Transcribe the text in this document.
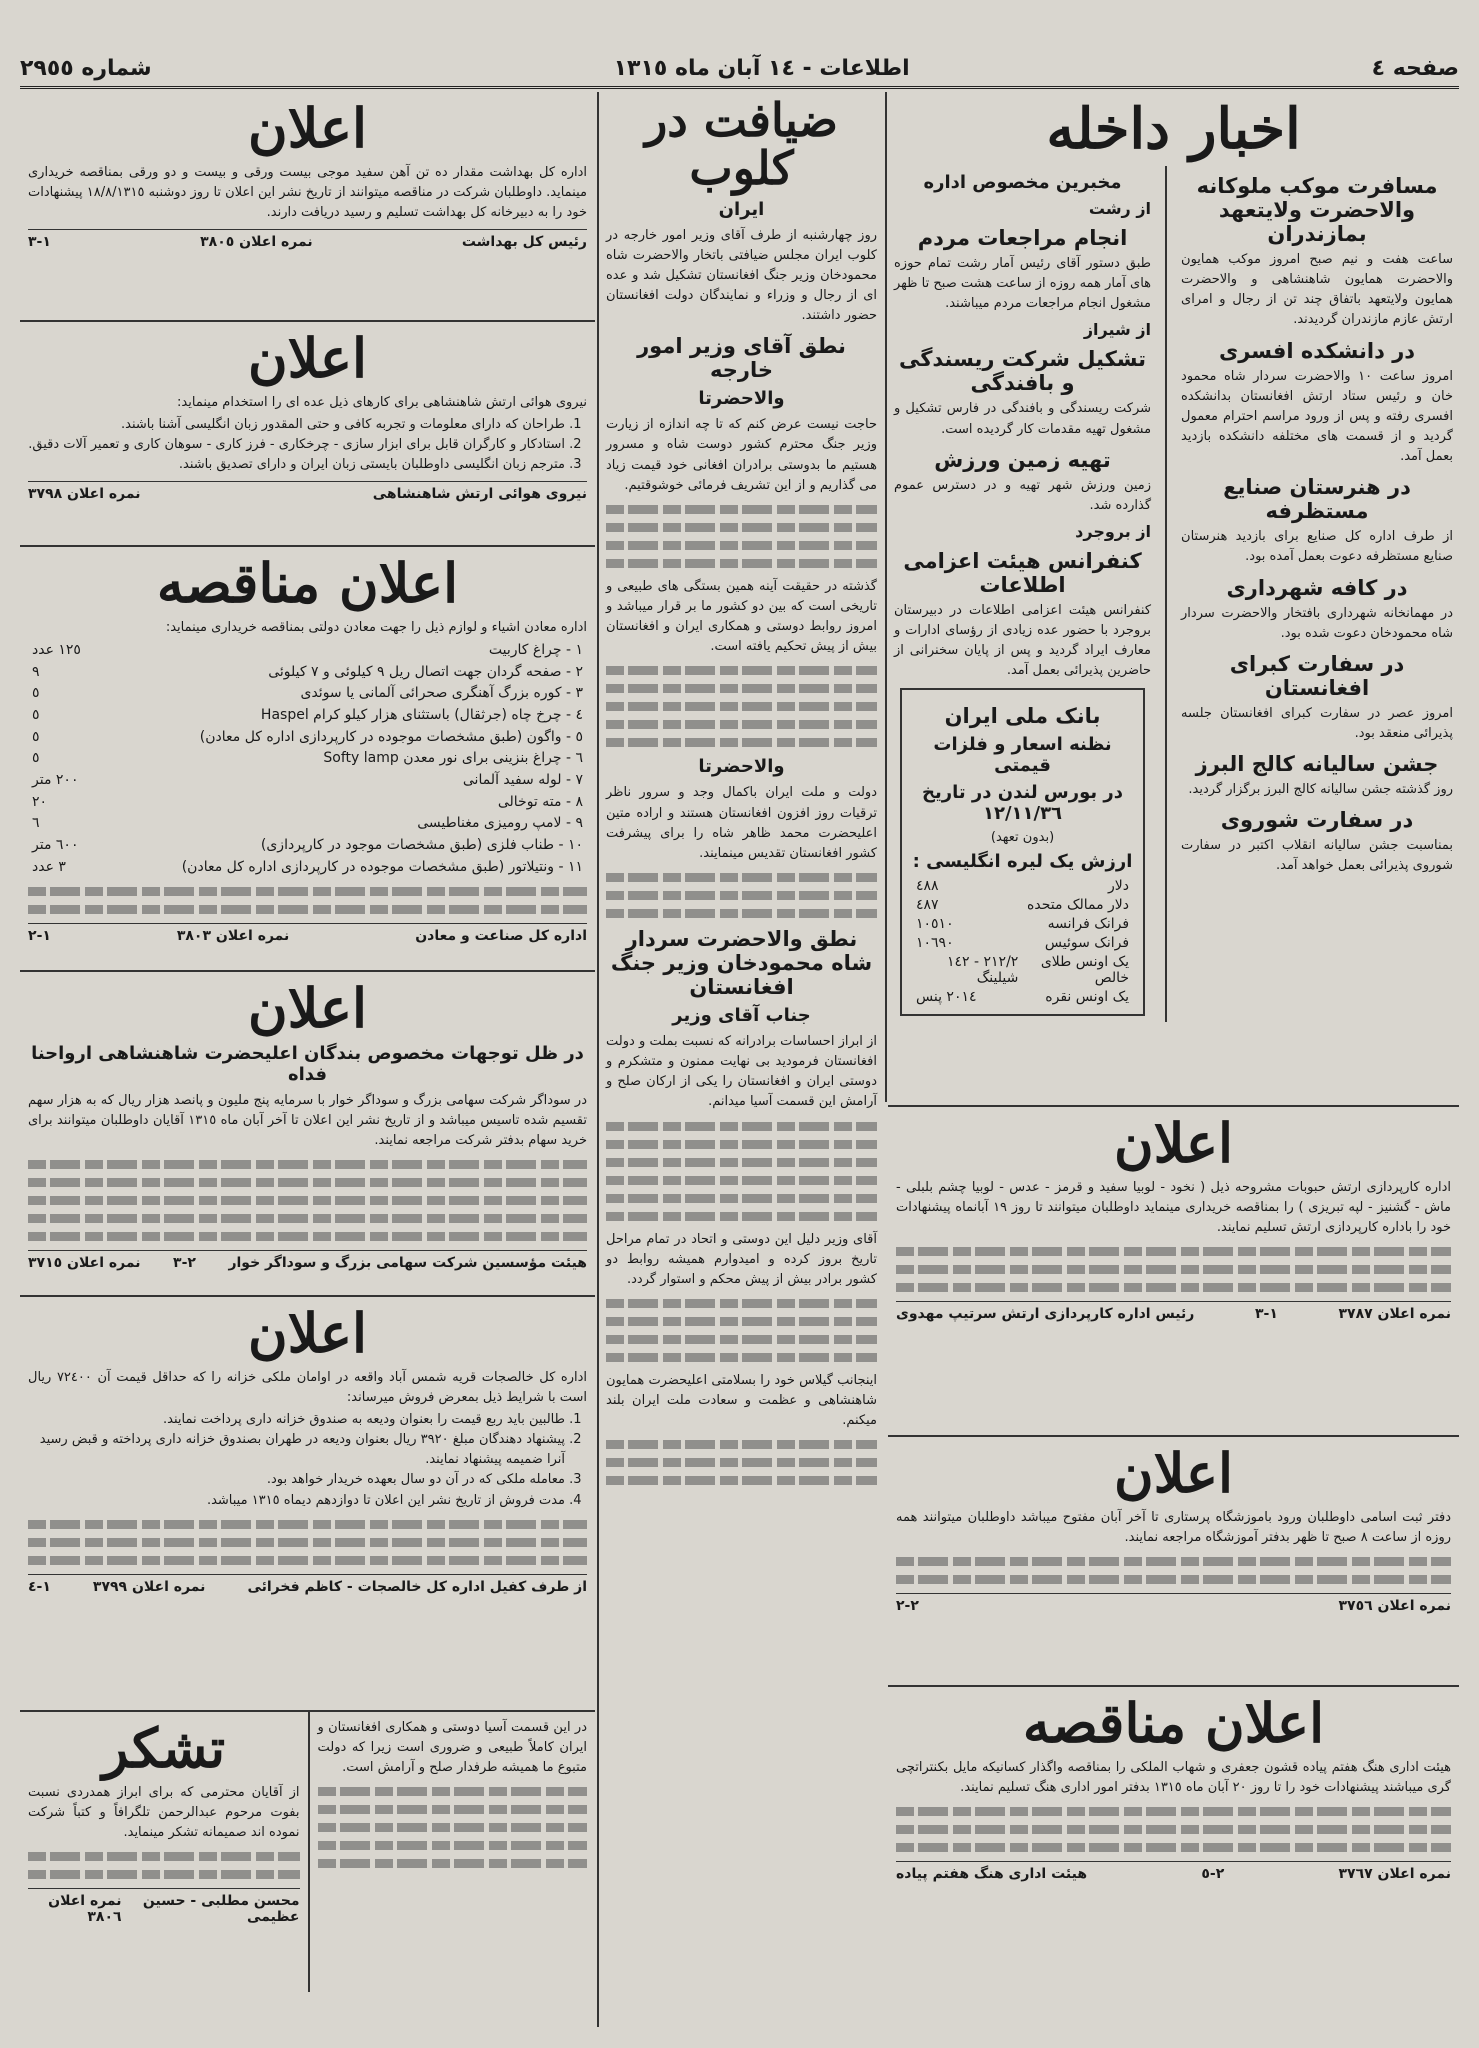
صفحه ٤
اطلاعات - ١٤ آبان ماه ١٣١٥
شماره ٢٩٥٥
اخبار داخله
مسافرت موکب ملوکانه والاحضرت ولایتعهد بمازندران

ساعت هفت و نیم صبح امروز موکب همایون والاحضرت همایون شاهنشاهی و والاحضرت همایون ولایتعهد باتفاق چند تن از رجال و امرای ارتش عازم مازندران گردیدند.

در دانشکده افسری

امروز ساعت ١٠ والاحضرت سردار شاه محمود خان و رئیس ستاد ارتش افغانستان بدانشکده افسری رفته و پس از ورود مراسم احترام معمول گردید و از قسمت های مختلفه دانشکده بازدید بعمل آمد.

در هنرستان صنایع مستظرفه

از طرف اداره کل صنایع برای بازدید هنرستان صنایع مستظرفه دعوت بعمل آمده بود.

در کافه شهرداری

در مهمانخانه شهرداری بافتخار والاحضرت سردار شاه محمودخان دعوت شده بود.

در سفارت کبرای افغانستان

امروز عصر در سفارت کبرای افغانستان جلسه پذیرائی منعقد بود.

جشن سالیانه کالج البرز

روز گذشته جشن سالیانه کالج البرز برگزار گردید.

در سفارت شوروی

بمناسبت جشن سالیانه انقلاب اکتبر در سفارت شوروی پذیرائی بعمل خواهد آمد.

مخبرین مخصوص اداره
از رشت
انجام مراجعات مردم

طبق دستور آقای رئیس آمار رشت تمام حوزه های آمار همه روزه از ساعت هشت صبح تا ظهر مشغول انجام مراجعات مردم میباشند.

از شیراز
تشکیل شرکت ریسندگی و بافندگی

شرکت ریسندگی و بافندگی در فارس تشکیل و مشغول تهیه مقدمات کار گردیده است.

تهیه زمین ورزش

زمین ورزش شهر تهیه و در دسترس عموم گذارده شد.

از بروجرد
کنفرانس هیئت اعزامی اطلاعات

کنفرانس هیئت اعزامی اطلاعات در دبیرستان بروجرد با حضور عده زیادی از رؤسای ادارات و معارف ایراد گردید و پس از پایان سخنرانی از حاضرین پذیرائی بعمل آمد.

بانک ملی ایران
نظنه اسعار و فلزات قیمتی
در بورس لندن در تاریخ ١٢/١١/٣٦
(بدون تعهد)
ارزش یک لیره انگلیسی :
دلار
٤٨٨
دلار ممالک متحده
٤٨٧
فرانک فرانسه
١٠٥١٠
فرانک سوئیس
١٠٦٩٠
یک اونس طلای خالص
٢١٢/٢ - ١٤٢ شیلینگ
یک اونس نقره
٢٠١٤ پنس
اعلان

اداره کارپردازی ارتش حبوبات مشروحه ذیل ( نخود - لوبیا سفید و قرمز - عدس - لوبیا چشم بلبلی - ماش - گشنیز - لپه تبریزی ) را بمناقصه خریداری مینماید داوطلبان میتوانند تا روز ١٩ آبانماه پیشنهادات خود را باداره کارپردازی ارتش تسلیم نمایند.

نمره اعلان ٣٧٨٧
١-٣
رئیس اداره کارپردازی ارتش سرتیپ مهدوی
اعلان

دفتر ثبت اسامی داوطلبان ورود باموزشگاه پرستاری تا آخر آبان مفتوح میباشد داوطلبان میتوانند همه روزه از ساعت ٨ صبح تا ظهر بدفتر آموزشگاه مراجعه نمایند.

نمره اعلان ٣٧٥٦
٢-٢
اعلان مناقصه

هیئت اداری هنگ هفتم پیاده قشون جعفری و شهاب الملکی را بمناقصه واگذار کسانیکه مایل بکنتراتچی گری میباشند پیشنهادات خود را تا روز ٢٠ آبان ماه ١٣١٥ بدفتر امور اداری هنگ تسلیم نمایند.

نمره اعلان ٣٧٦٧
٢-٥
هیئت اداری هنگ هفتم پیاده
ضیافت در کلوب
ایران

روز چهارشنبه از طرف آقای وزیر امور خارجه در کلوب ایران مجلس ضیافتی باتخار والاحضرت شاه محمودخان وزیر جنگ افغانستان تشکیل شد و عده ای از رجال و وزراء و نمایندگان دولت افغانستان حضور داشتند.

نطق آقای وزیر امور خارجه
والاحضرتا

حاجت نیست عرض کنم که تا چه اندازه از زیارت وزیر جنگ محترم کشور دوست شاه و مسرور هستیم ما بدوستی برادران افغانی خود قیمت زیاد می گذاریم و از این تشریف فرمائی خوشوقتیم.

گذشته در حقیقت آینه همین بستگی های طبیعی و تاریخی است که بین دو کشور ما بر قرار میباشد و امروز روابط دوستی و همکاری ایران و افغانستان بیش از پیش تحکیم یافته است.

والاحضرتا

دولت و ملت ایران باکمال وجد و سرور ناظر ترقیات روز افزون افغانستان هستند و اراده متین اعلیحضرت محمد ظاهر شاه را برای پیشرفت کشور افغانستان تقدیس مینمایند.

نطق والاحضرت سردار شاه محمودخان وزیر جنگ افغانستان
جناب آقای وزیر

از ابراز احساسات برادرانه که نسبت بملت و دولت افغانستان فرمودید بی نهایت ممنون و متشکرم و دوستی ایران و افغانستان را یکی از ارکان صلح و آرامش این قسمت آسیا میدانم.

آقای وزیر دلیل این دوستی و اتحاد در تمام مراحل تاریخ بروز کرده و امیدوارم همیشه روابط دو کشور برادر بیش از پیش محکم و استوار گردد.

اینجانب گیلاس خود را بسلامتی اعلیحضرت همایون شاهنشاهی و عظمت و سعادت ملت ایران بلند میکنم.

اعلان

اداره کل بهداشت مقدار ده تن آهن سفید موجی بیست ورقی و بیست و دو ورقی بمناقصه خریداری مینماید. داوطلبان شرکت در مناقصه میتوانند از تاریخ نشر این اعلان تا روز دوشنبه ١٨/٨/١٣١٥ پیشنهادات خود را به دبیرخانه کل بهداشت تسلیم و رسید دریافت دارند.

رئیس کل بهداشت
نمره اعلان ٣٨٠٥
١-٣
اعلان

نیروی هوائی ارتش شاهنشاهی برای کارهای ذیل عده ای را استخدام مینماید:

1. طراحان که دارای معلومات و تجربه کافی و حتی المقدور زبان انگلیسی آشنا باشند.
2. استادکار و کارگران قابل برای ابزار سازی - چرخکاری - فرز کاری - سوهان کاری و تعمیر آلات دقیق.
3. مترجم زبان انگلیسی داوطلبان بایستی زبان ایران و دارای تصدیق باشند.
نیروی هوائی ارتش شاهنشاهی
نمره اعلان ٣٧٩٨
اعلان مناقصه

اداره معادن اشیاء و لوازم ذیل را جهت معادن دولتی بمناقصه خریداری مینماید:

١ - چراغ کاربیت
١٢٥ عدد
٢ - صفحه گردان جهت اتصال ریل ٩ کیلوئی و ٧ کیلوئی
٩
٣ - کوره بزرگ آهنگری صحرائی آلمانی یا سوئدی
٥
٤ - چرخ چاه (جرثقال) باستثنای هزار کیلو کرام Haspel
٥
٥ - واگون (طبق مشخصات موجوده در کارپردازی اداره کل معادن)
٥
٦ - چراغ بنزینی برای نور معدن Softy lamp
٥
٧ - لوله سفید آلمانی
٢٠٠ متر
٨ - مته توخالی
٢٠
٩ - لامپ رومیزی مغناطیسی
٦
١٠ - طناب فلزی (طبق مشخصات موجود در کارپردازی)
٦٠٠ متر
١١ - ونتیلاتور (طبق مشخصات موجوده در کارپردازی اداره کل معادن)
٣ عدد
اداره کل صناعت و معادن
نمره اعلان ٣٨٠٣
١-٢
اعلان
در ظل توجهات مخصوص بندگان اعلیحضرت شاهنشاهی ارواحنا فداه

در سوداگر شرکت سهامی بزرگ و سوداگر خوار با سرمایه پنج ملیون و پانصد هزار ریال که به هزار سهم تقسیم شده تاسیس میباشد و از تاریخ نشر این اعلان تا آخر آبان ماه ١٣١٥ آقایان داوطلبان میتوانند برای خرید سهام بدفتر شرکت مراجعه نمایند.

هیئت مؤسسین شرکت سهامی بزرگ و سوداگر خوار
٢-٣
نمره اعلان ٣٧١٥
اعلان

اداره کل خالصجات قریه شمس آباد واقعه در اوامان ملکی خزانه را که حداقل قیمت آن ٧٢٤٠٠ ریال است با شرایط ذیل بمعرض فروش میرساند:

1. طالبین باید ربع قیمت را بعنوان ودیعه به صندوق خزانه داری پرداخت نمایند.
2. پیشنهاد دهندگان مبلغ ٣٩٢٠ ریال بعنوان ودیعه در طهران بصندوق خزانه داری پرداخته و قبض رسید آنرا ضمیمه پیشنهاد نمایند.
3. معامله ملکی که در آن دو سال بعهده خریدار خواهد بود.
4. مدت فروش از تاریخ نشر این اعلان تا دوازدهم دیماه ١٣١٥ میباشد.
از طرف کفیل اداره کل خالصجات - کاظم فخرائی
نمره اعلان ٣٧٩٩
١-٤

در این قسمت آسیا دوستی و همکاری افغانستان و ایران کاملاً طبیعی و ضروری است زیرا که دولت متبوع ما همیشه طرفدار صلح و آرامش است.

تشکر

از آقایان محترمی که برای ابراز همدردی نسبت بفوت مرحوم عبدالرحمن تلگرافاً و کتباً شرکت نموده اند صمیمانه تشکر مینماید.

محسن مطلبی - حسین عظیمی
نمره اعلان ٣٨٠٦
